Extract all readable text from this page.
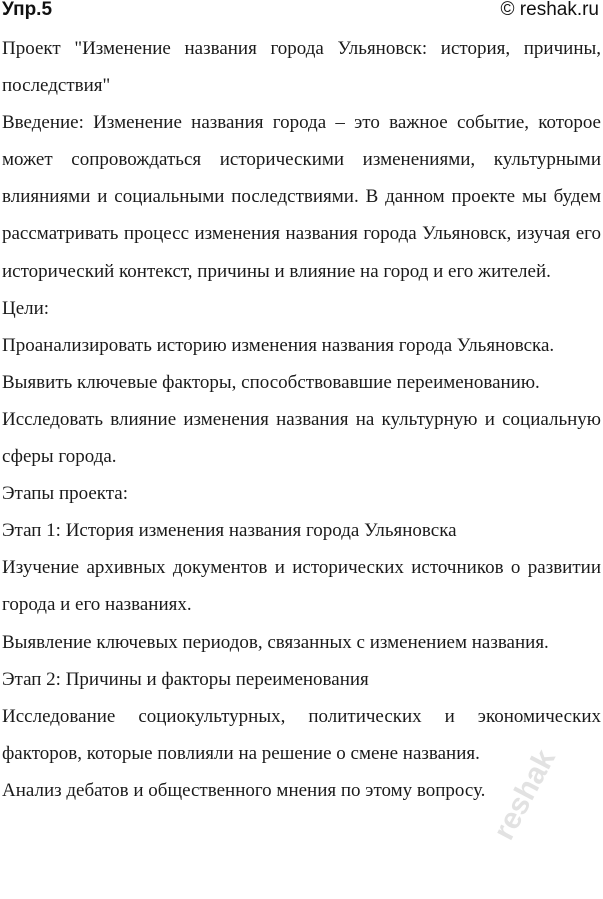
Упр.5	© reshak.ru

Проект "Изменение названия города Ульяновск: история, причины, последствия"

Введение: Изменение названия города – это важное событие, которое может сопровождаться историческими изменениями, культурными влияниями и социальными последствиями. В данном проекте мы будем рассматривать процесс изменения названия города Ульяновск, изучая его исторический контекст, причины и влияние на город и его жителей.

Цели:

Проанализировать историю изменения названия города Ульяновска.

Выявить ключевые факторы, способствовавшие переименованию.

Исследовать влияние изменения названия на культурную и социальную сферы города.

Этапы проекта:

Этап 1: История изменения названия города Ульяновска

Изучение архивных документов и исторических источников о развитии города и его названиях.

Выявление ключевых периодов, связанных с изменением названия.

Этап 2: Причины и факторы переименования

Исследование социокультурных, политических и экономических факторов, которые повлияли на решение о смене названия.

Анализ дебатов и общественного мнения по этому вопросу. reshak
